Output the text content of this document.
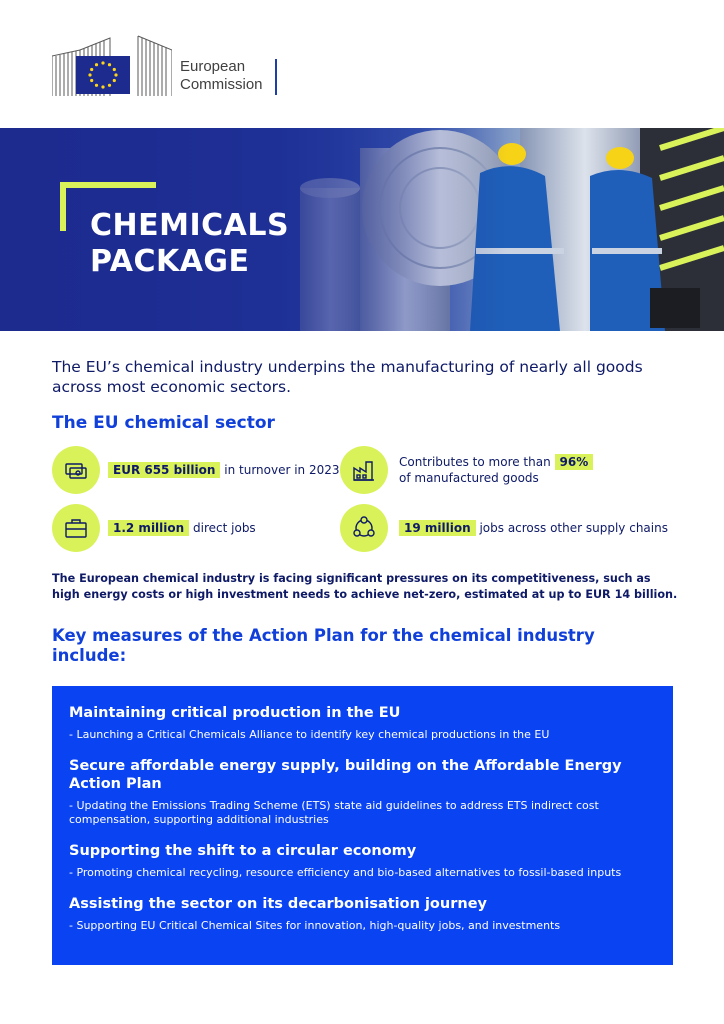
European
Commission
CHEMICALS
PACKAGE
The EU’s chemical industry underpins the manufacturing of nearly all goods across most economic sectors.
The EU chemical sector
EUR 655 billion in turnover in 2023
Contributes to more than 96%
of manufactured goods
1.2 million direct jobs	19 million jobs across other supply chains
The European chemical industry is facing significant pressures on its competitiveness, such as high energy costs or high investment needs to achieve net-zero, estimated at up to EUR 14 billion.
Key measures of the Action Plan for the chemical industry include:
Maintaining critical production in the EU
- Launching a Critical Chemicals Alliance to identify key chemical productions in the EU
Secure affordable energy supply, building on the Affordable Energy Action Plan
- Updating the Emissions Trading Scheme (ETS) state aid guidelines to address ETS indirect cost compensation, supporting additional industries
Supporting the shift to a circular economy
- Promoting chemical recycling, resource efficiency and bio-based alternatives to fossil-based inputs
Assisting the sector on its decarbonisation journey
- Supporting EU Critical Chemical Sites for innovation, high-quality jobs, and investments
